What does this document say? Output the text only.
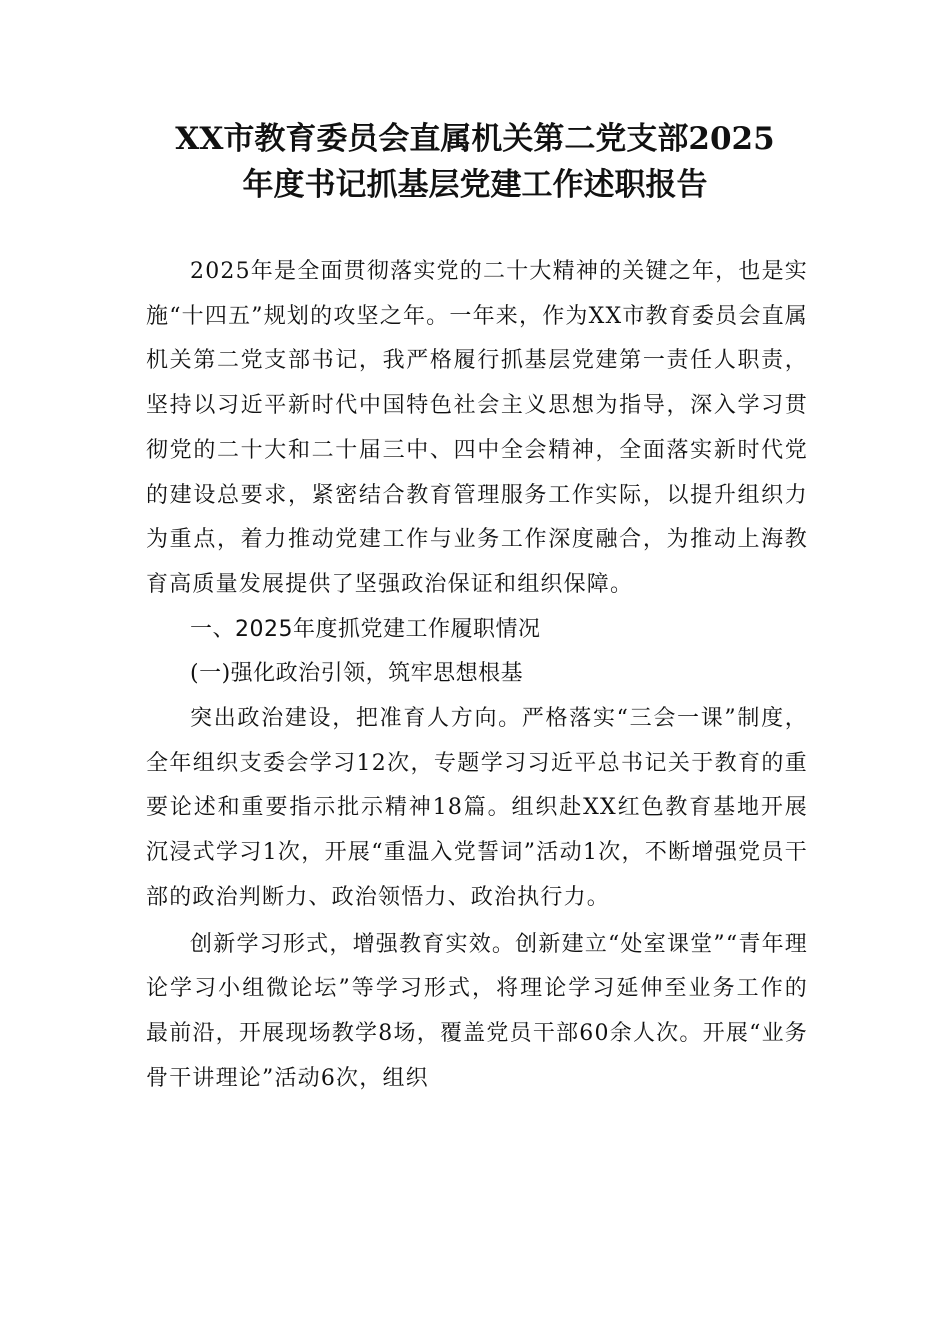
XX市教育委员会直属机关第二党支部2025
年度书记抓基层党建工作述职报告

2025年是全面贯彻落实党的二十大精神的关键之年，也是实施“十四五”规划的攻坚之年。一年来，作为XX市教育委员会直属机关第二党支部书记，我严格履行抓基层党建第一责任人职责，坚持以习近平新时代中国特色社会主义思想为指导，深入学习贯彻党的二十大和二十届三中、四中全会精神，全面落实新时代党的建设总要求，紧密结合教育管理服务工作实际，以提升组织力为重点，着力推动党建工作与业务工作深度融合，为推动上海教育高质量发展提供了坚强政治保证和组织保障。

一、2025年度抓党建工作履职情况

(一)强化政治引领，筑牢思想根基

突出政治建设，把准育人方向。严格落实“三会一课”制度，全年组织支委会学习12次，专题学习习近平总书记关于教育的重要论述和重要指示批示精神18篇。组织赴XX红色教育基地开展沉浸式学习1次，开展“重温入党誓词”活动1次，不断增强党员干部的政治判断力、政治领悟力、政治执行力。

创新学习形式，增强教育实效。创新建立“处室课堂”“青年理论学习小组微论坛”等学习形式，将理论学习延伸至业务工作的最前沿，开展现场教学8场，覆盖党员干部60余人次。开展“业务骨干讲理论”活动6次，组织
